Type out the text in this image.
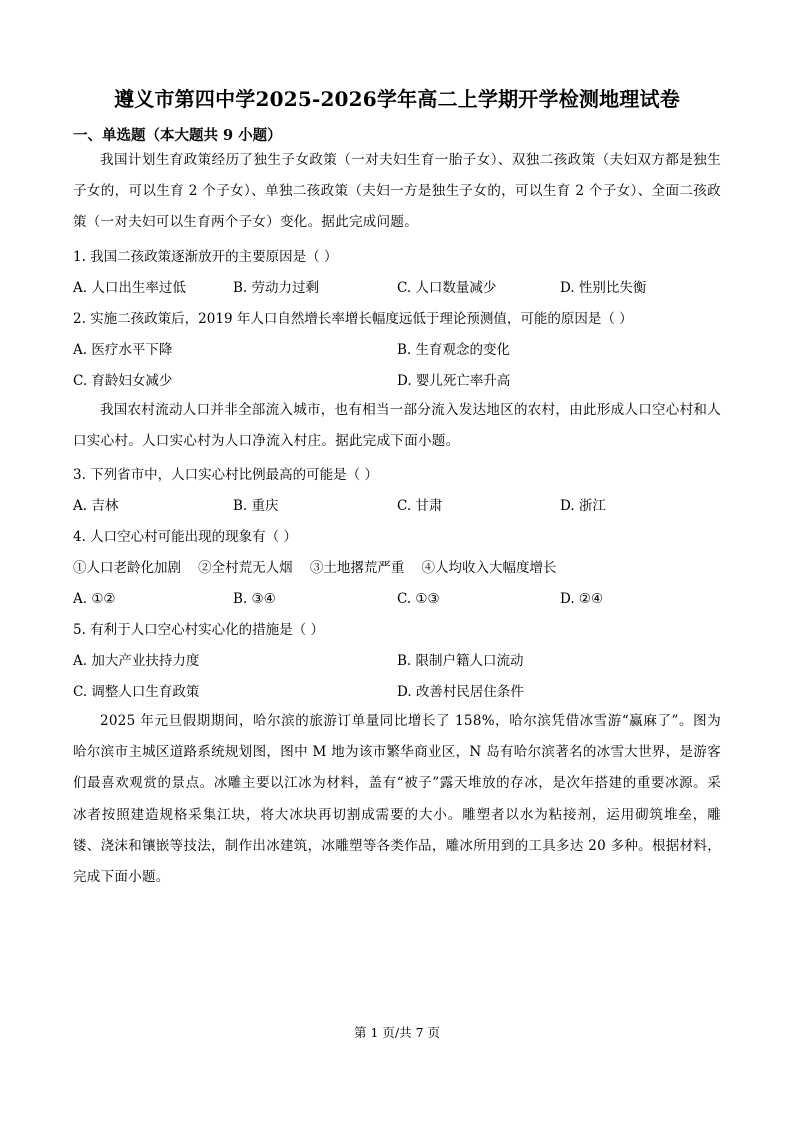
遵义市第四中学2025-2026学年高二上学期开学检测地理试卷
一、单选题（本大题共 9 小题）
我国计划生育政策经历了独生子女政策（一对夫妇生育一胎子女）、双独二孩政策（夫妇双方都是独生子女的，可以生育 2 个子女）、单独二孩政策（夫妇一方是独生子女的，可以生育 2 个子女）、全面二孩政策（一对夫妇可以生育两个子女）变化。据此完成问题。
1. 我国二孩政策逐渐放开的主要原因是（ ）
A. 人口出生率过低	B. 劳动力过剩	C. 人口数量减少	D. 性别比失衡
2. 实施二孩政策后，2019 年人口自然增长率增长幅度远低于理论预测值，可能的原因是（ ）
A. 医疗水平下降	B. 生育观念的变化
C. 育龄妇女减少	D. 婴儿死亡率升高
我国农村流动人口并非全部流入城市，也有相当一部分流入发达地区的农村，由此形成人口空心村和人口实心村。人口实心村为人口净流入村庄。据此完成下面小题。
3. 下列省市中，人口实心村比例最高的可能是（ ）
A. 吉林	B. 重庆	C. 甘肃	D. 浙江
4. 人口空心村可能出现的现象有（ ）
①人口老龄化加剧    ②全村荒无人烟    ③土地撂荒严重    ④人均收入大幅度增长
A. ①②	B. ③④	C. ①③	D. ②④
5. 有利于人口空心村实心化的措施是（ ）
A. 加大产业扶持力度	B. 限制户籍人口流动
C. 调整人口生育政策	D. 改善村民居住条件
2025 年元旦假期期间，哈尔滨的旅游订单量同比增长了 158%，哈尔滨凭借冰雪游“赢麻了”。图为哈尔滨市主城区道路系统规划图，图中 M 地为该市繁华商业区，N 岛有哈尔滨著名的冰雪大世界，是游客们最喜欢观赏的景点。冰雕主要以江冰为材料，盖有“被子”露天堆放的存冰，是次年搭建的重要冰源。采冰者按照建造规格采集江块，将大冰块再切割成需要的大小。雕塑者以水为粘接剂，运用砌筑堆垒，雕镂、浇沫和镶嵌等技法，制作出冰建筑，冰雕塑等各类作品，雕冰所用到的工具多达 20 多种。根据材料，完成下面小题。
第 1 页/共 7 页
